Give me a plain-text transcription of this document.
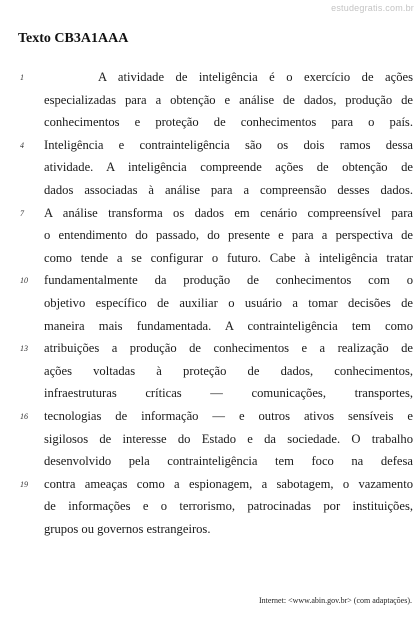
estudegratis.com.br
Texto CB3A1AAA
1	A atividade de inteligência é o exercício de ações
especializadas para a obtenção e análise de dados, produção de
conhecimentos e proteção de conhecimentos para o país.
4 Inteligência e contrainteligência são os dois ramos dessa
atividade. A inteligência compreende ações de obtenção de
dados associadas à análise para a compreensão desses dados.
7 A análise transforma os dados em cenário compreensível para
o entendimento do passado, do presente e para a perspectiva de
como tende a se configurar o futuro. Cabe à inteligência tratar
10 fundamentalmente da produção de conhecimentos com o
objetivo específico de auxiliar o usuário a tomar decisões de
maneira mais fundamentada. A contrainteligência tem como
13 atribuições a produção de conhecimentos e a realização de
ações voltadas à proteção de dados, conhecimentos,
infraestruturas críticas — comunicações, transportes,
16 tecnologias de informação — e outros ativos sensíveis e
sigilosos de interesse do Estado e da sociedade. O trabalho
desenvolvido pela contrainteligência tem foco na defesa
19 contra ameaças como a espionagem, a sabotagem, o vazamento
de informações e o terrorismo, patrocinadas por instituições,
grupos ou governos estrangeiros.
Internet: <www.abin.gov.br> (com adaptações).
